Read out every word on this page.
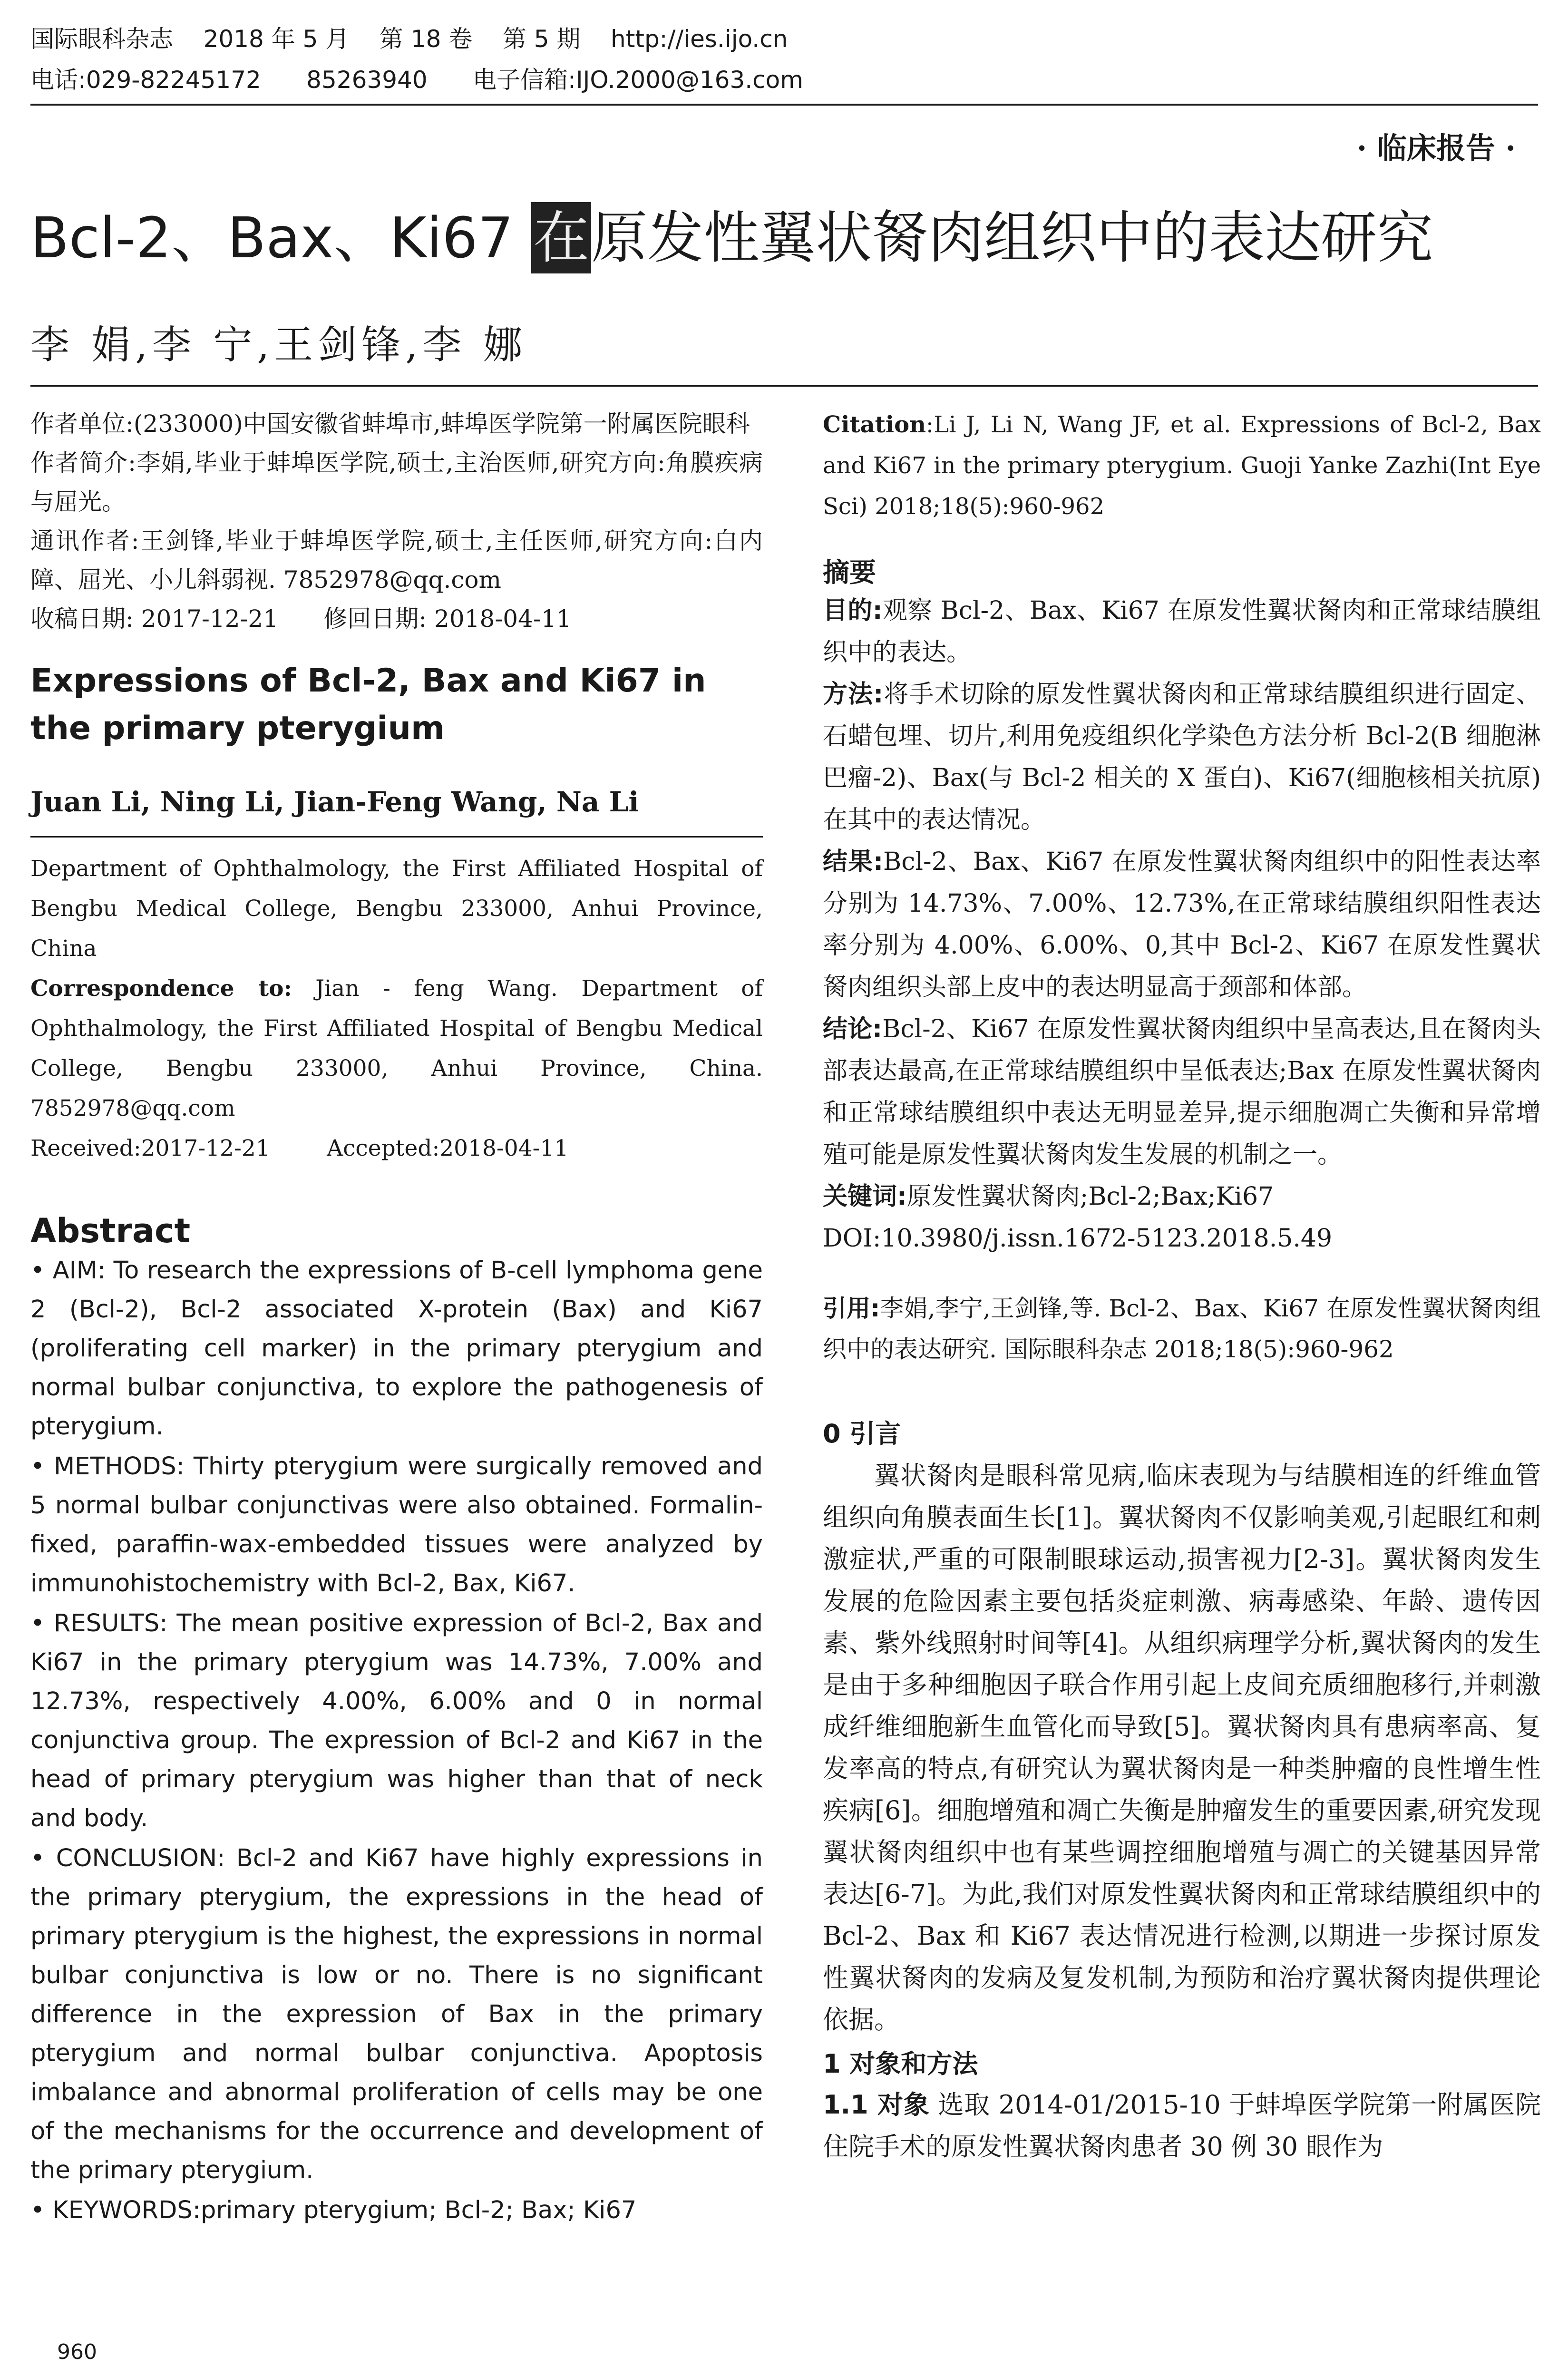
国际眼科杂志    2018 年 5 月    第 18 卷    第 5 期    http://ies.ijo.cn
电话:029-82245172      85263940      电子信箱:IJO.2000@163.com
· 临床报告 ·
Bcl-2、Bax、Ki67 在原发性翼状胬肉组织中的表达研究
李 娟,李 宁,王剑锋,李 娜
作者单位:(233000)中国安徽省蚌埠市,蚌埠医学院第一附属医院眼科
作者简介:李娟,毕业于蚌埠医学院,硕士,主治医师,研究方向:角膜疾病与屈光。
通讯作者:王剑锋,毕业于蚌埠医学院,硕士,主任医师,研究方向:白内障、屈光、小儿斜弱视. 7852978@qq.com
收稿日期: 2017-12-21      修回日期: 2018-04-11
Expressions of Bcl-2, Bax and Ki67 in the primary pterygium
Juan Li, Ning Li, Jian-Feng Wang, Na Li
Department of Ophthalmology, the First Affiliated Hospital of Bengbu Medical College, Bengbu 233000, Anhui Province, China
Correspondence to: Jian - feng Wang. Department of Ophthalmology, the First Affiliated Hospital of Bengbu Medical College, Bengbu 233000, Anhui Province, China. 7852978@qq.com
Received:2017-12-21        Accepted:2018-04-11
Abstract
• AIM: To research the expressions of B-cell lymphoma gene 2 (Bcl-2), Bcl-2 associated X-protein (Bax) and Ki67 (proliferating cell marker) in the primary pterygium and normal bulbar conjunctiva, to explore the pathogenesis of pterygium.
• METHODS: Thirty pterygium were surgically removed and 5 normal bulbar conjunctivas were also obtained. Formalin-fixed, paraffin-wax-embedded tissues were analyzed by immunohistochemistry with Bcl-2, Bax, Ki67.
• RESULTS: The mean positive expression of Bcl-2, Bax and Ki67 in the primary pterygium was 14.73%, 7.00% and 12.73%, respectively 4.00%, 6.00% and 0 in normal conjunctiva group. The expression of Bcl-2 and Ki67 in the head of primary pterygium was higher than that of neck and body.
• CONCLUSION: Bcl-2 and Ki67 have highly expressions in the primary pterygium, the expressions in the head of primary pterygium is the highest, the expressions in normal bulbar conjunctiva is low or no. There is no significant difference in the expression of Bax in the primary pterygium and normal bulbar conjunctiva. Apoptosis imbalance and abnormal proliferation of cells may be one of the mechanisms for the occurrence and development of the primary pterygium.
• KEYWORDS:primary pterygium; Bcl-2; Bax; Ki67
Citation:Li J, Li N, Wang JF, et al. Expressions of Bcl-2, Bax and Ki67 in the primary pterygium. Guoji Yanke Zazhi(Int Eye Sci) 2018;18(5):960-962
摘要
目的:观察 Bcl-2、Bax、Ki67 在原发性翼状胬肉和正常球结膜组织中的表达。
方法:将手术切除的原发性翼状胬肉和正常球结膜组织进行固定、石蜡包埋、切片,利用免疫组织化学染色方法分析 Bcl-2(B 细胞淋巴瘤-2)、Bax(与 Bcl-2 相关的 X 蛋白)、Ki67(细胞核相关抗原)在其中的表达情况。
结果:Bcl-2、Bax、Ki67 在原发性翼状胬肉组织中的阳性表达率分别为 14.73%、7.00%、12.73%,在正常球结膜组织阳性表达率分别为 4.00%、6.00%、0,其中 Bcl-2、Ki67 在原发性翼状胬肉组织头部上皮中的表达明显高于颈部和体部。
结论:Bcl-2、Ki67 在原发性翼状胬肉组织中呈高表达,且在胬肉头部表达最高,在正常球结膜组织中呈低表达;Bax 在原发性翼状胬肉和正常球结膜组织中表达无明显差异,提示细胞凋亡失衡和异常增殖可能是原发性翼状胬肉发生发展的机制之一。
关键词:原发性翼状胬肉;Bcl-2;Bax;Ki67
DOI:10.3980/j.issn.1672-5123.2018.5.49
引用:李娟,李宁,王剑锋,等. Bcl-2、Bax、Ki67 在原发性翼状胬肉组织中的表达研究. 国际眼科杂志 2018;18(5):960-962
0 引言
翼状胬肉是眼科常见病,临床表现为与结膜相连的纤维血管组织向角膜表面生长[1]。翼状胬肉不仅影响美观,引起眼红和刺激症状,严重的可限制眼球运动,损害视力[2-3]。翼状胬肉发生发展的危险因素主要包括炎症刺激、病毒感染、年龄、遗传因素、紫外线照射时间等[4]。从组织病理学分析,翼状胬肉的发生是由于多种细胞因子联合作用引起上皮间充质细胞移行,并刺激成纤维细胞新生血管化而导致[5]。翼状胬肉具有患病率高、复发率高的特点,有研究认为翼状胬肉是一种类肿瘤的良性增生性疾病[6]。细胞增殖和凋亡失衡是肿瘤发生的重要因素,研究发现翼状胬肉组织中也有某些调控细胞增殖与凋亡的关键基因异常表达[6-7]。为此,我们对原发性翼状胬肉和正常球结膜组织中的 Bcl-2、Bax 和 Ki67 表达情况进行检测,以期进一步探讨原发性翼状胬肉的发病及复发机制,为预防和治疗翼状胬肉提供理论依据。
1 对象和方法
1.1 对象 选取 2014-01/2015-10 于蚌埠医学院第一附属医院住院手术的原发性翼状胬肉患者 30 例 30 眼作为
960
